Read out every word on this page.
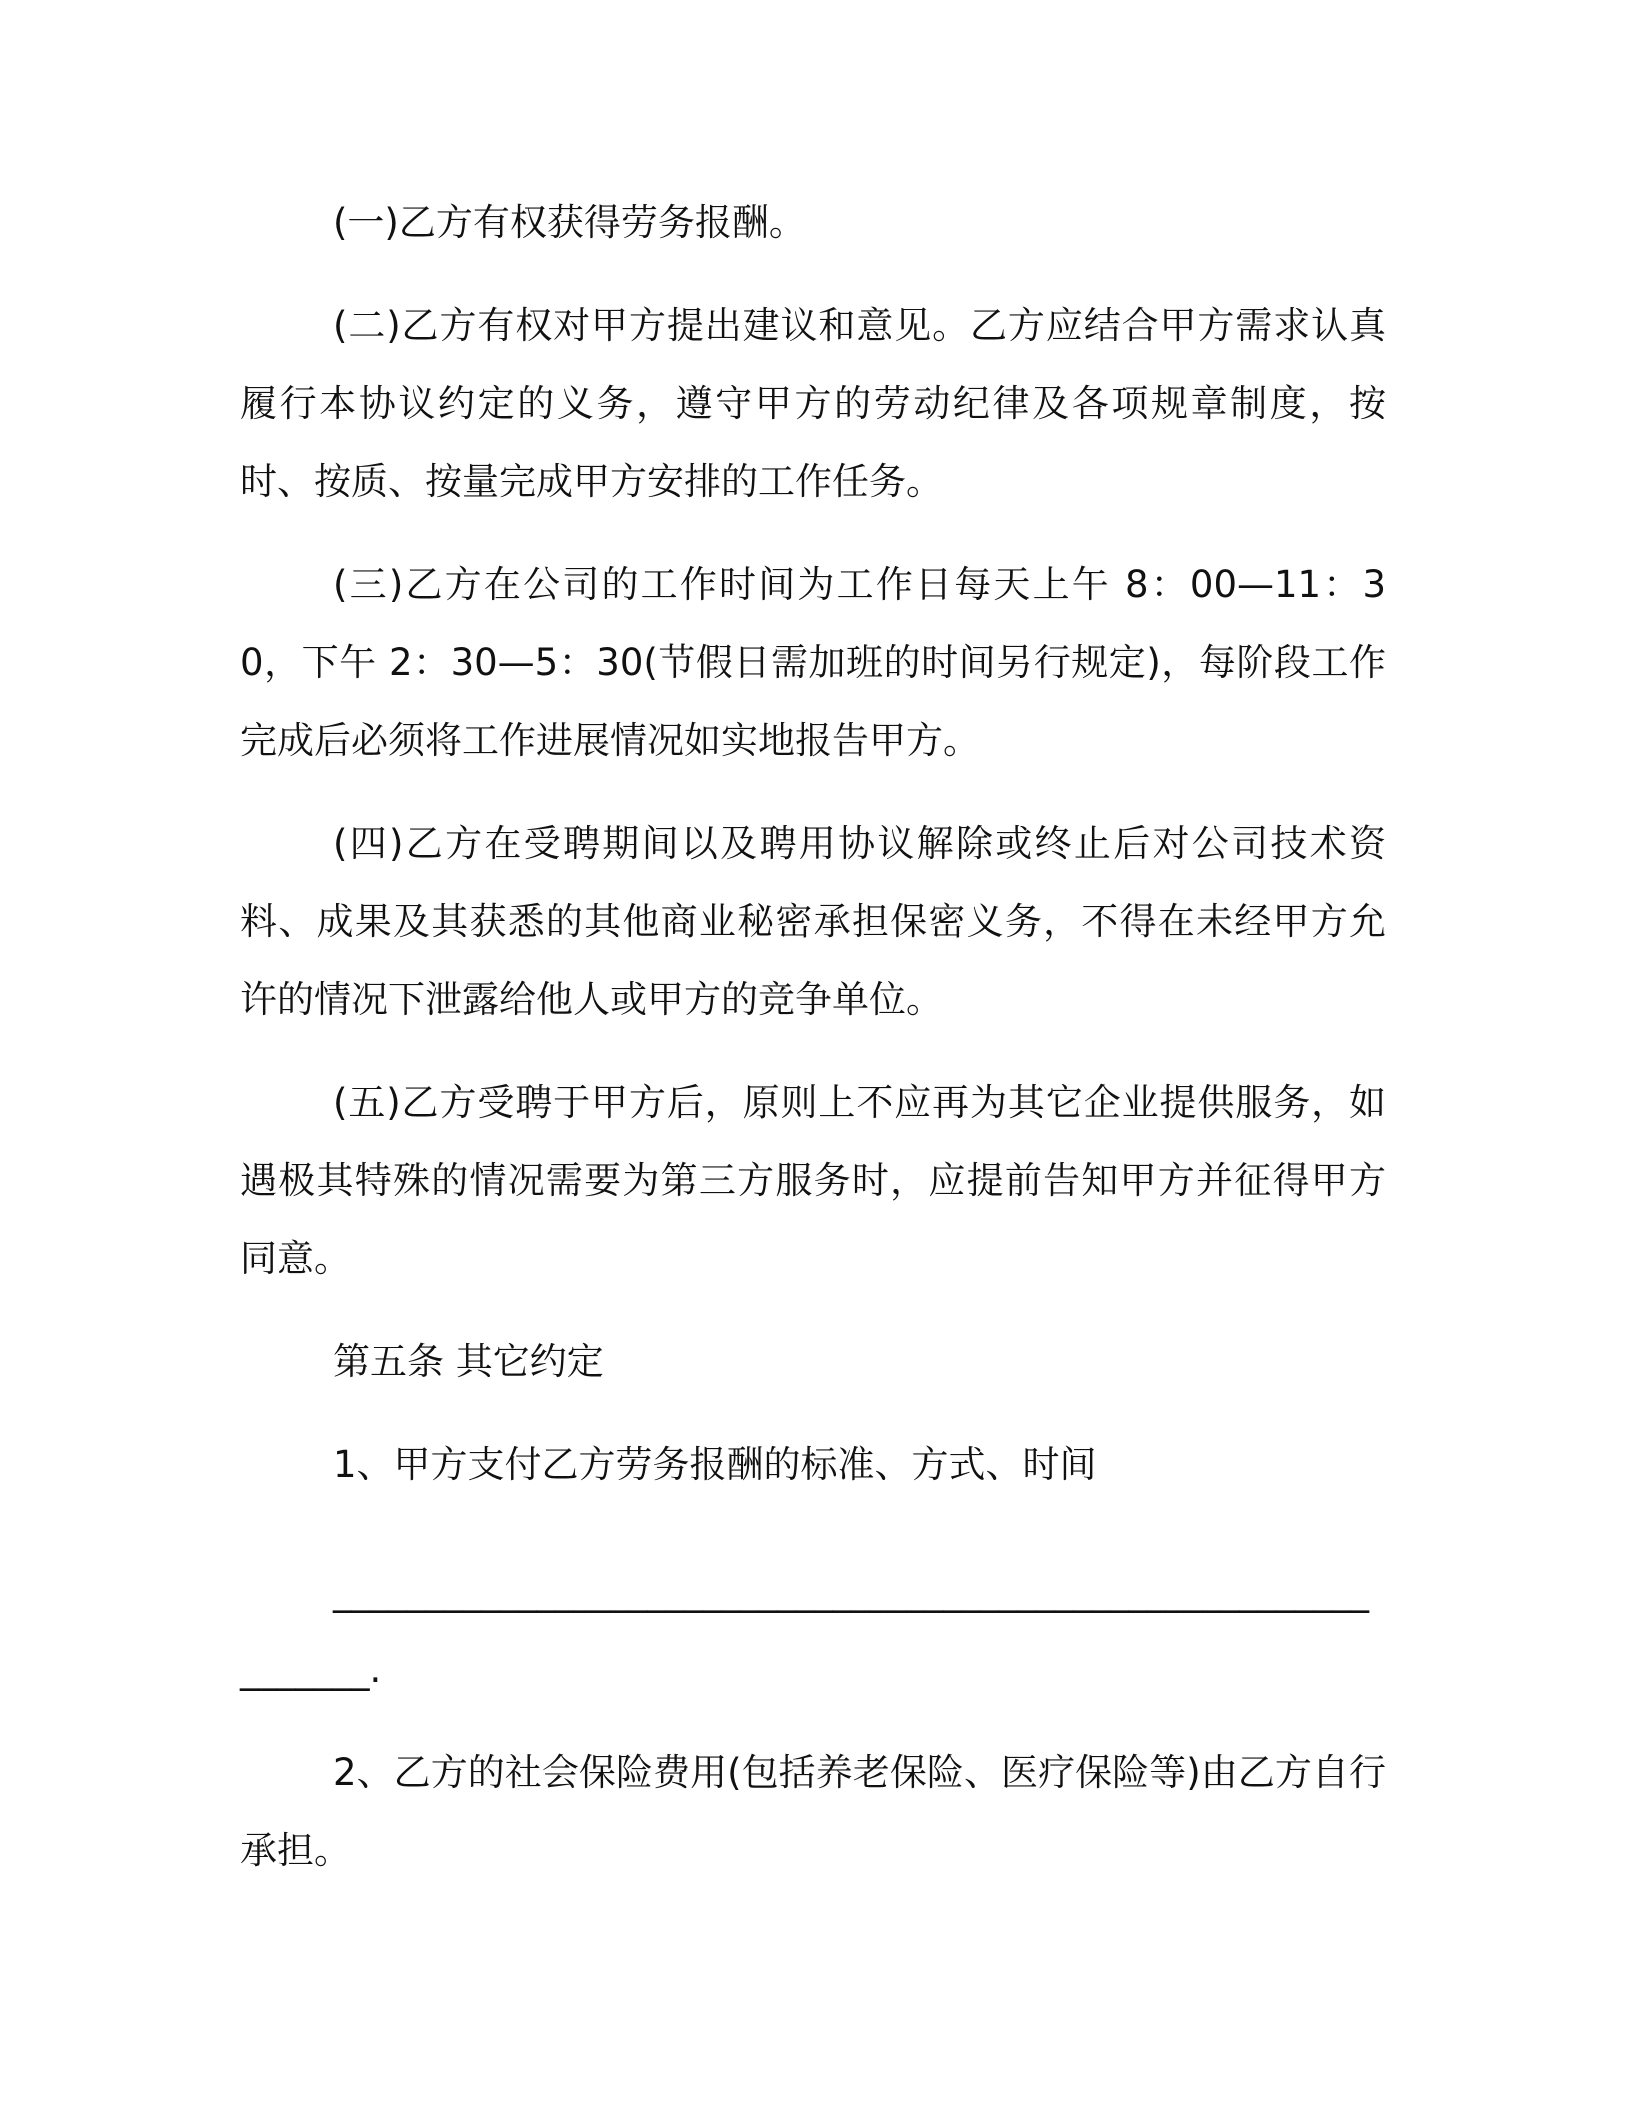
(一)乙方有权获得劳务报酬。

(二)乙方有权对甲方提出建议和意见。乙方应结合甲方需求认真履行本协议约定的义务，遵守甲方的劳动纪律及各项规章制度，按时、按质、按量完成甲方安排的工作任务。

(三)乙方在公司的工作时间为工作日每天上午 8：00—11：30，下午 2：30—5：30(节假日需加班的时间另行规定)，每阶段工作完成后必须将工作进展情况如实地报告甲方。

(四)乙方在受聘期间以及聘用协议解除或终止后对公司技术资料、成果及其获悉的其他商业秘密承担保密义务，不得在未经甲方允许的情况下泄露给他人或甲方的竞争单位。

(五)乙方受聘于甲方后，原则上不应再为其它企业提供服务，如遇极其特殊的情况需要为第三方服务时，应提前告知甲方并征得甲方同意。

第五条 其它约定

1、甲方支付乙方劳务报酬的标准、方式、时间

_______________________________________________________________.

2、乙方的社会保险费用(包括养老保险、医疗保险等)由乙方自行承担。
